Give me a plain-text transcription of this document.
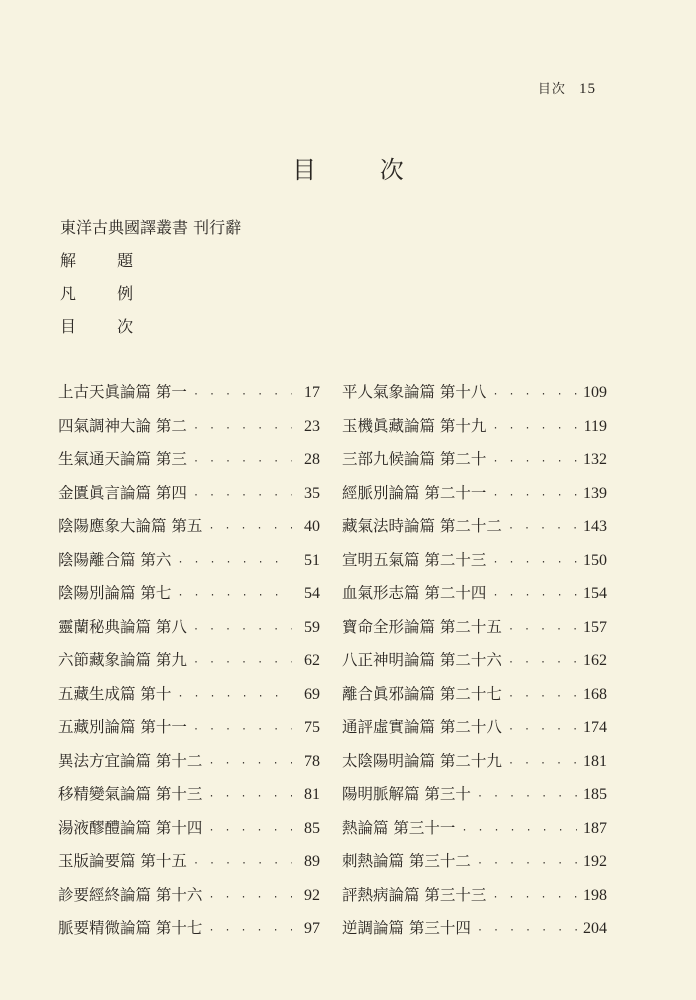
目次 15
目 次
東洋古典國譯叢書 刊行辭
解 題
凡 例
目 次
上古天眞論篇 第一 · · ·	17
四氣調神大論 第二 · · ·	23
生氣通天論篇 第三 · · ·	28
金匱眞言論篇 第四 · · ·	35
陰陽應象大論篇 第五 · · ·	40
陰陽離合篇 第六 · · ·	51
陰陽別論篇 第七 · · ·	54
靈蘭秘典論篇 第八 · · ·	59
六節藏象論篇 第九 · · ·	62
五藏生成篇 第十 · · ·	69
五藏別論篇 第十一 · · ·	75
異法方宜論篇 第十二 · · ·	78
移精變氣論篇 第十三 · · ·	81
湯液醪醴論篇 第十四 · · ·	85
玉版論要篇 第十五 · · ·	89
診要經終論篇 第十六 · · ·	92
脈要精微論篇 第十七 · · ·	97
平人氣象論篇 第十八 · · ·	109
玉機眞藏論篇 第十九 · · ·	119
三部九候論篇 第二十 · · ·	132
經脈別論篇 第二十一 · · ·	139
藏氣法時論篇 第二十二 · · ·	143
宣明五氣篇 第二十三 · · ·	150
血氣形志篇 第二十四 · · ·	154
寶命全形論篇 第二十五 · · ·	157
八正神明論篇 第二十六 · · ·	162
離合眞邪論篇 第二十七 · · ·	168
通評虛實論篇 第二十八 · · ·	174
太陰陽明論篇 第二十九 · · ·	181
陽明脈解篇 第三十 · · ·	185
熱論篇 第三十一 · · ·	187
刺熱論篇 第三十二 · · ·	192
評熱病論篇 第三十三 · · ·	198
逆調論篇 第三十四 · · ·	204
